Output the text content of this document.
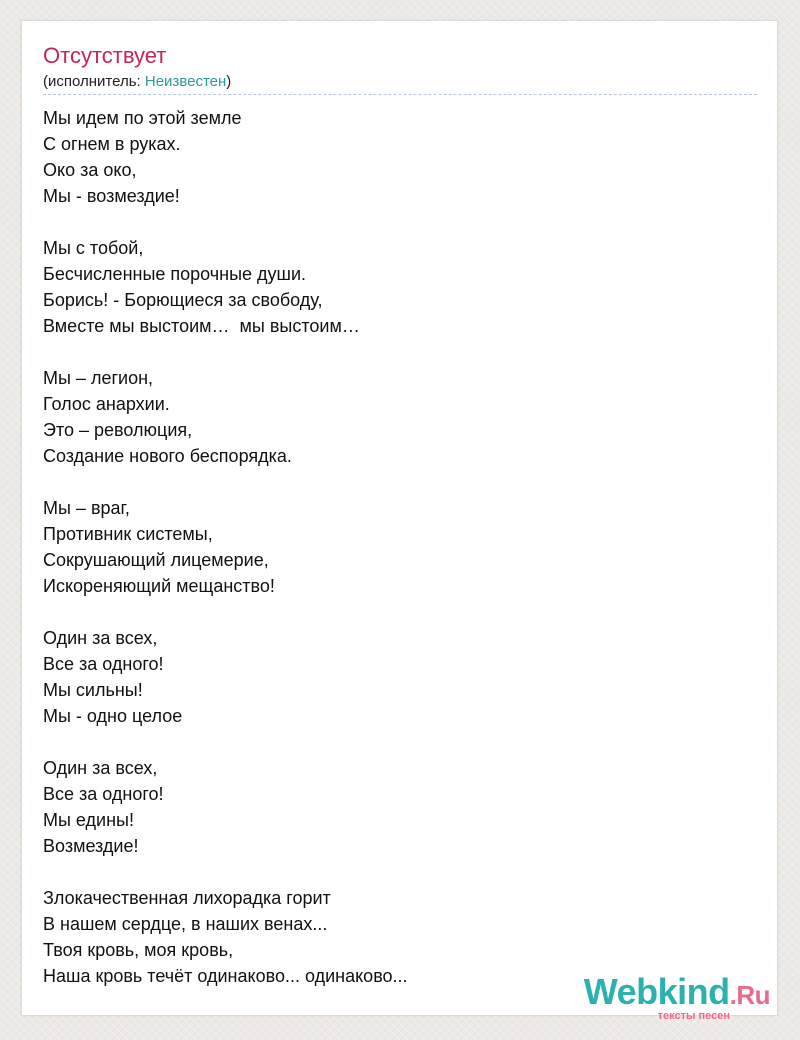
Отсутствует
(исполнитель: Неизвестен)
Мы идем по этой земле
С огнем в руках.
Око за око,
Мы - возмездие!
Мы с тобой,
Бесчисленные порочные души.
Борись! - Борющиеся за свободу,
Вместе мы выстоим…  мы выстоим…
Мы – легион,
Голос анархии.
Это – революция,
Создание нового беспорядка.
Мы – враг,
Противник системы,
Сокрушающий лицемерие,
Искореняющий мещанство!
Один за всех,
Все за одного!
Мы сильны!
Мы - одно целое
Один за всех,
Все за одного!
Мы едины!
Возмездие!
Злокачественная лихорадка горит
В нашем сердце, в наших венах...
Твоя кровь, моя кровь,
Наша кровь течёт одинаково... одинаково...	Webkind.Ru
тексты песен
